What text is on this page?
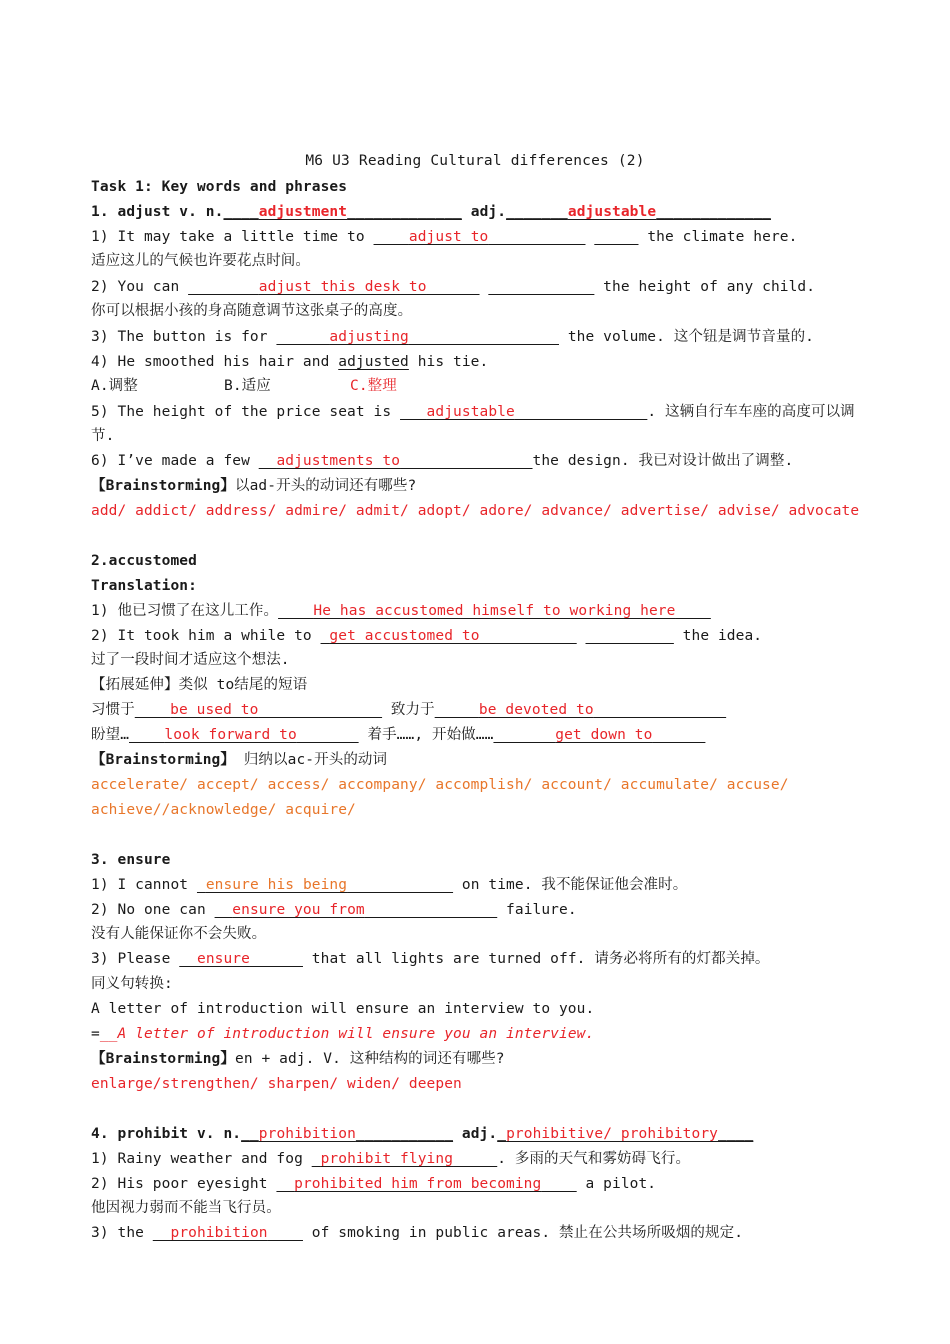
M6 U3 Reading Cultural differences (2)
Task 1: Key words and phrases
1. adjust v. n.____adjustment_____________ adj._______adjustable_____________
1) It may take a little time to ____adjust to___________ _____ the climate here.
适应这儿的气候也许要花点时间。
2) You can ________adjust this desk to______ ____________ the height of any child.
你可以根据小孩的身高随意调节这张桌子的高度。
3) The button is for ______adjusting_________________ the volume. 这个钮是调节音量的.
4) He smoothed his hair and adjusted his tie.
A.调整	B.适应	C.整理
5) The height of the price seat is ___adjustable_______________. 这辆自行车车座的高度可以调
节.
6) I’ve made a few __adjustments to_______________the design. 我已对设计做出了调整.
【Brainstorming】以ad-开头的动词还有哪些?
add/ addict/ address/ admire/ admit/ adopt/ adore/ advance/ advertise/ advise/ advocate
2.accustomed
Translation:
1) 他已习惯了在这儿工作。____He has accustomed himself to working here____
2) It took him a while to _get accustomed to___________ __________ the idea.
过了一段时间才适应这个想法.
【拓展延伸】类似 to结尾的短语
习惯于____be used to______________ 致力于_____be devoted to_______________
盼望…____look forward to_______ 着手……, 开始做……_______get down to______
【Brainstorming】 归纳以ac-开头的动词
accelerate/ accept/ access/ accompany/ accomplish/ account/ accumulate/ accuse/
achieve//acknowledge/ acquire/
3. ensure
1) I cannot _ensure his being____________ on time. 我不能保证他会准时。
2) No one can __ensure you from_______________ failure.
没有人能保证你不会失败。
3) Please __ensure______ that all lights are turned off. 请务必将所有的灯都关掉。
同义句转换:
A letter of introduction will ensure an interview to you.
=__A letter of introduction will ensure you an interview.
【Brainstorming】en + adj. V. 这种结构的词还有哪些?
enlarge/strengthen/ sharpen/ widen/ deepen
4. prohibit v. n.__prohibition___________ adj._prohibitive/ prohibitory____
1) Rainy weather and fog _prohibit flying_____. 多雨的天气和雾妨碍飞行。
2) His poor eyesight __prohibited him from becoming____ a pilot.
他因视力弱而不能当飞行员。
3) the __prohibition____ of smoking in public areas. 禁止在公共场所吸烟的规定.
